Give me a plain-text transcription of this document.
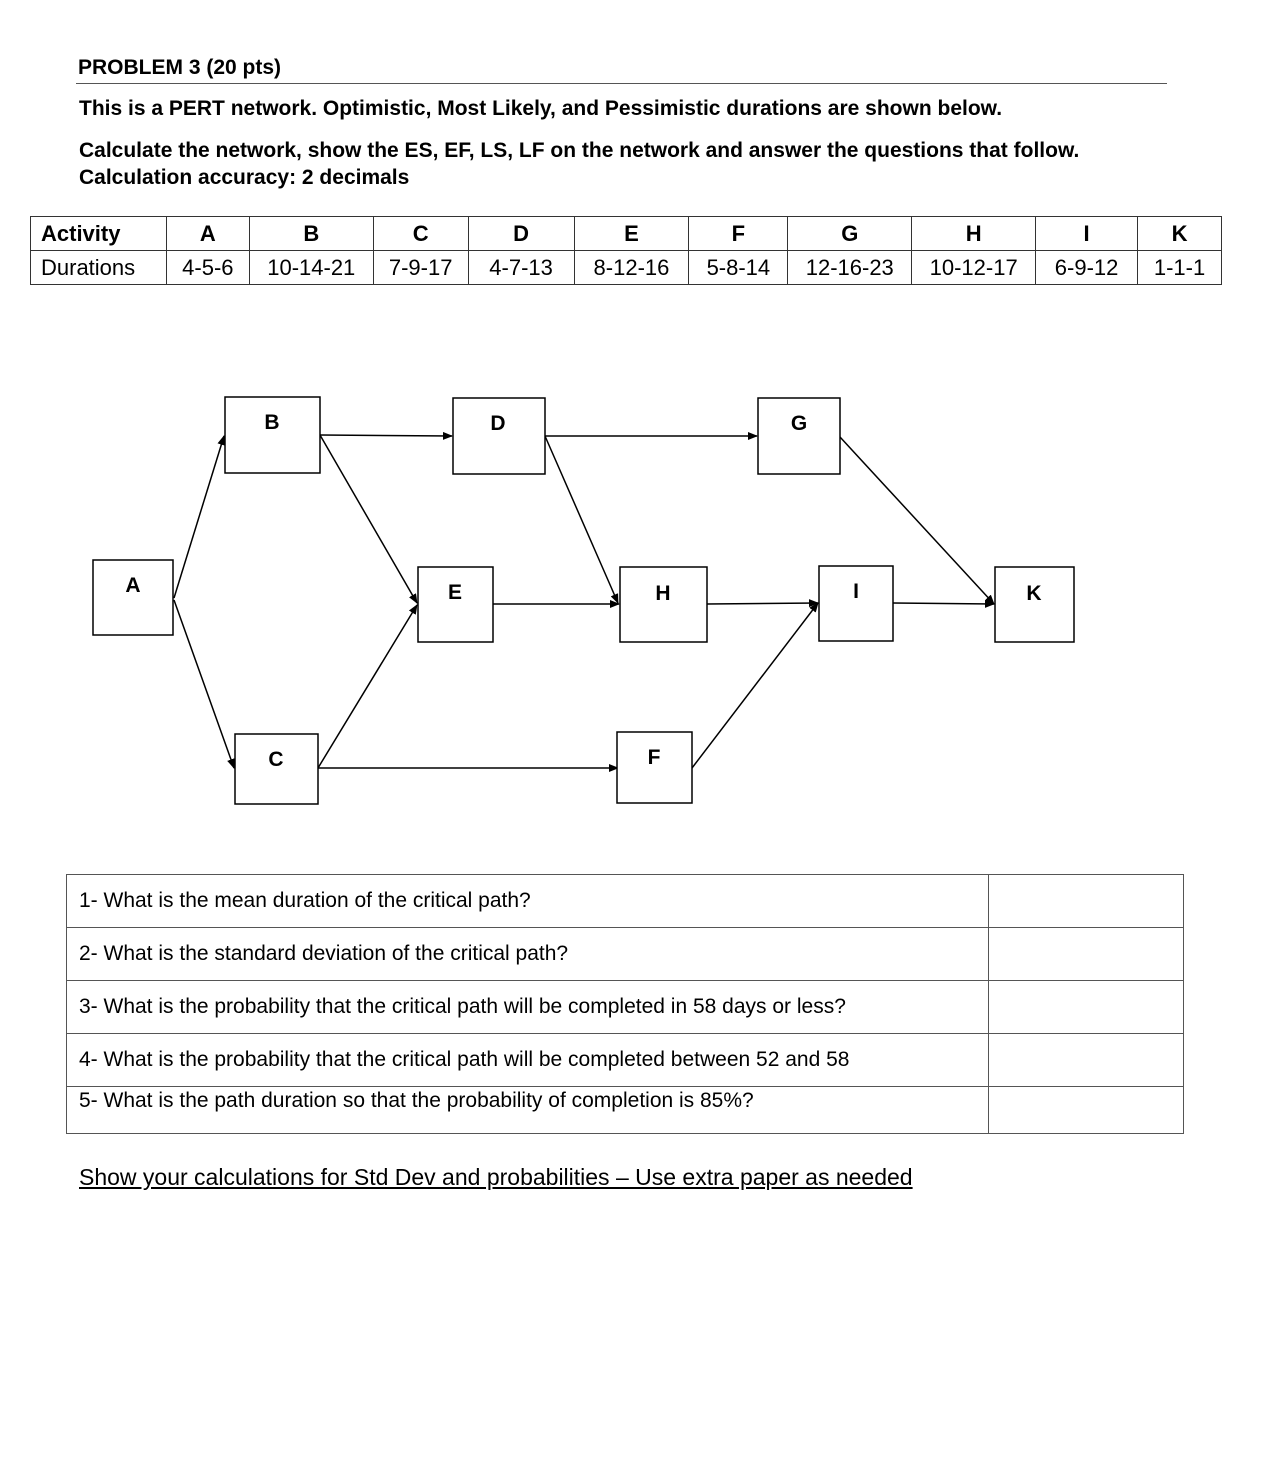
PROBLEM 3 (20 pts)
This is a PERT network. Optimistic, Most Likely, and Pessimistic durations are shown below.
Calculate the network, show the ES, EF, LS, LF on the network and answer the questions that follow. Calculation accuracy: 2 decimals
Activity	A	B	C	D	E	F	G	H	I	K
Durations	4-5-6	10-14-21	7-9-17	4-7-13	8-12-16	5-8-14	12-16-23	10-12-17	6-9-12	1-1-1
A
B
C
D
E
F
G
H	I	K
1- What is the mean duration of the critical path?	
2- What is the standard deviation of the critical path?	
3- What is the probability that the critical path will be completed in 58 days or less?	
4- What is the probability that the critical path will be completed between 52 and 58	
5- What is the path duration so that the probability of completion is 85%?	
Show your calculations for Std Dev and probabilities – Use extra paper as needed
